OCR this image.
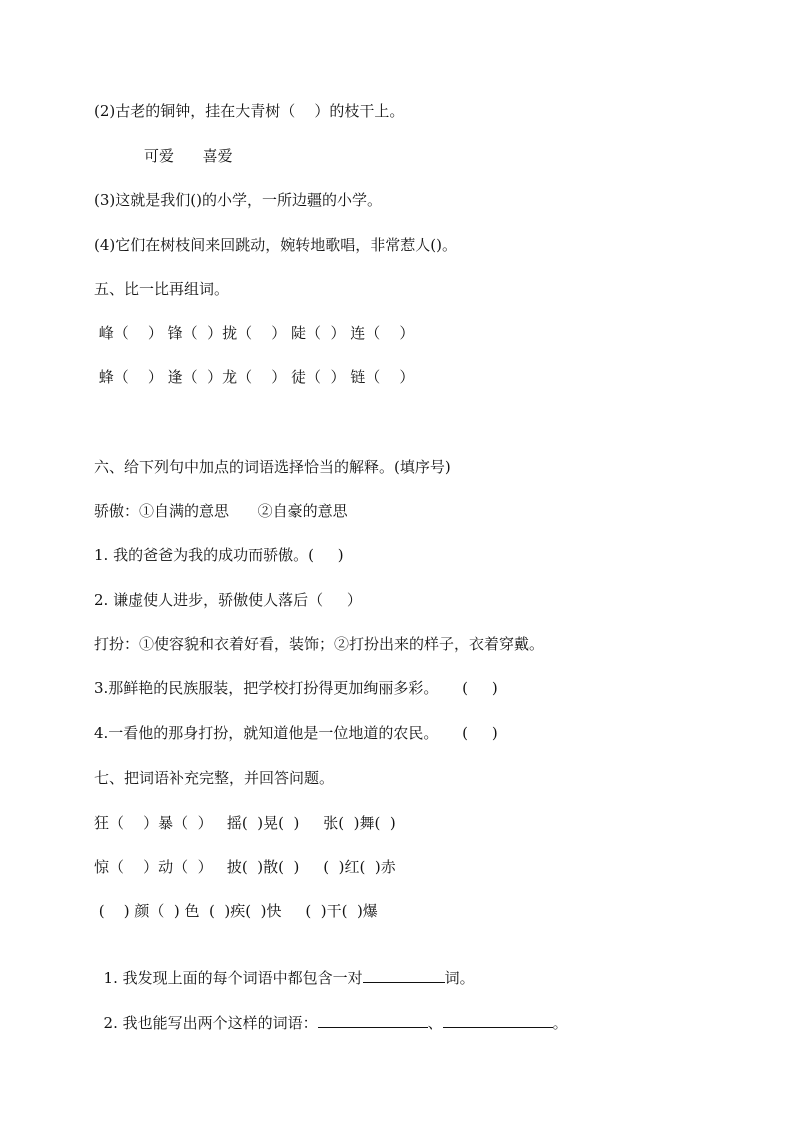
(2)古老的铜钟，挂在大青树（    ）的枝干上。
可爱      喜爱
(3)这就是我们()的小学，一所边疆的小学。
(4)它们在树枝间来回跳动，婉转地歌唱，非常惹人()。
五、比一比再组词。
峰（    ） 锋（  ）拢（    ） 陡（  ） 连（    ）
蜂（    ） 逢（  ）龙（    ） 徒（  ） 链（    ）
六、给下列句中加点的词语选择恰当的解释。(填序号)
骄傲：①自满的意思      ②自豪的意思
1. 我的爸爸为我的成功而骄傲。(     )
2. 谦虚使人进步，骄傲使人落后（     ）
打扮：①使容貌和衣着好看，装饰；②打扮出来的样子，衣着穿戴。
3.那鲜艳的民族服装，把学校打扮得更加绚丽多彩。     (     )
4.一看他的那身打扮，就知道他是一位地道的农民。     (     )
七、把词语补充完整，并回答问题。
狂（    ）暴（  ）   摇(  )晃(  )     张(  )舞(  )
惊（    ）动（  ）   披(  )散(  )     (  )红(  )赤
(    ) 颜（  ) 色  (  )疾(  )快     (  )干(  )爆

1. 我发现上面的每个词语中都包含一对	词。

2. 我也能写出两个这样的词语：	、	。
